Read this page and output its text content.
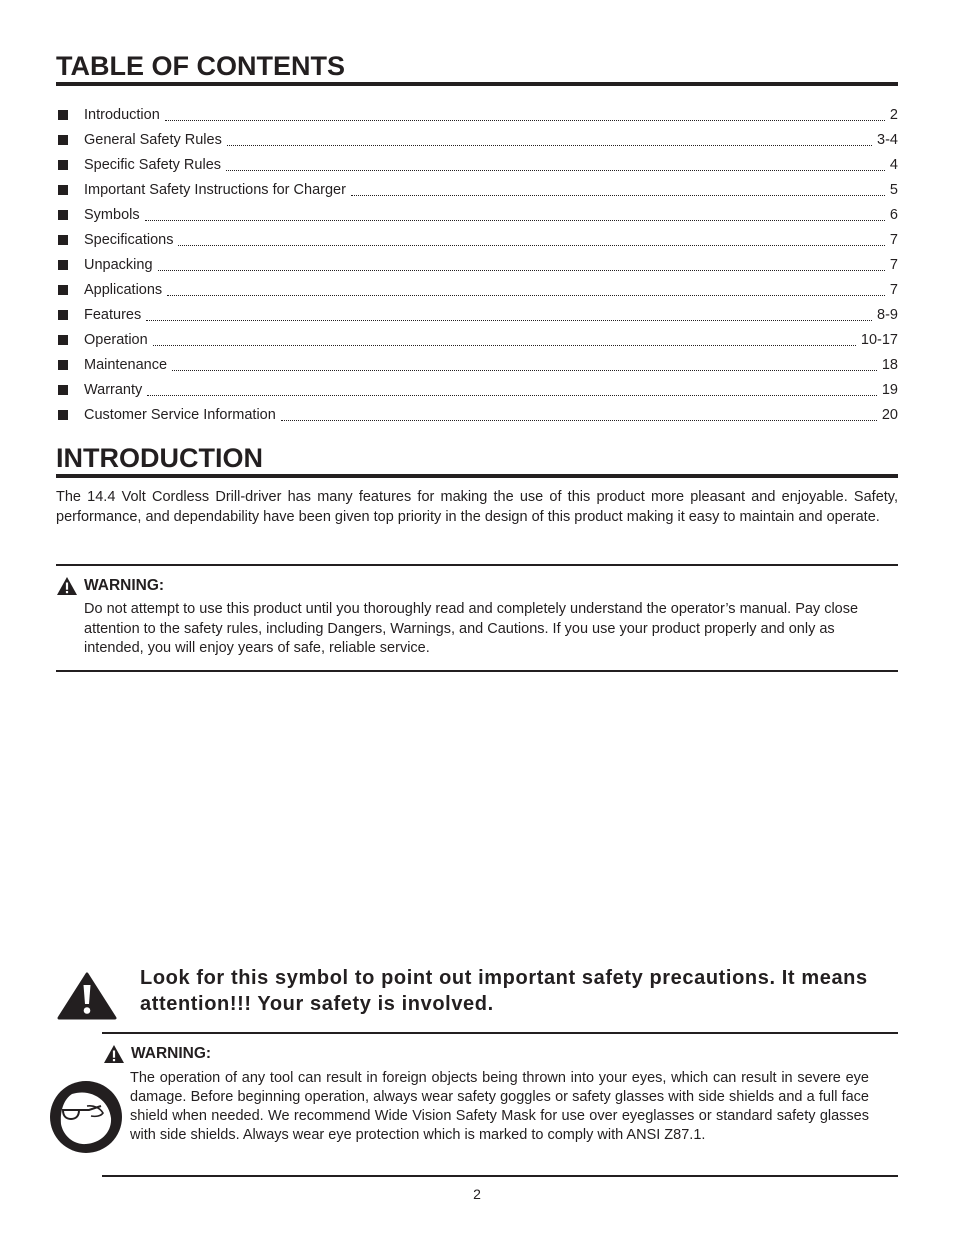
TABLE OF CONTENTS
Introduction	2
General Safety Rules	3-4
Specific Safety Rules	4
Important Safety Instructions for Charger	5
Symbols	6
Specifications	7
Unpacking	7
Applications	7
Features	8-9
Operation	10-17
Maintenance	18
Warranty	19
Customer Service Information	20
INTRODUCTION

The 14.4 Volt Cordless Drill-driver has many features for making the use of this product more pleasant and enjoyable. Safety, performance, and dependability have been given top priority in the design of this product making it easy to maintain and operate.

WARNING:

Do not attempt to use this product until you thoroughly read and completely understand the operator’s manual. Pay close attention to the safety rules, including Dangers, Warnings, and Cautions. If you use your product properly and only as intended, you will enjoy years of safe, reliable service.

Look for this symbol to point out important safety precautions. It means attention!!! Your safety is involved.

WARNING:

The operation of any tool can result in foreign objects being thrown into your eyes, which can result in severe eye damage. Before beginning operation, always wear safety goggles or safety glasses with side shields and a full face shield when needed. We recommend Wide Vision Safety Mask for use over eyeglasses or standard safety glasses with side shields. Always wear eye protection which is marked to comply with ANSI Z87.1.

2
